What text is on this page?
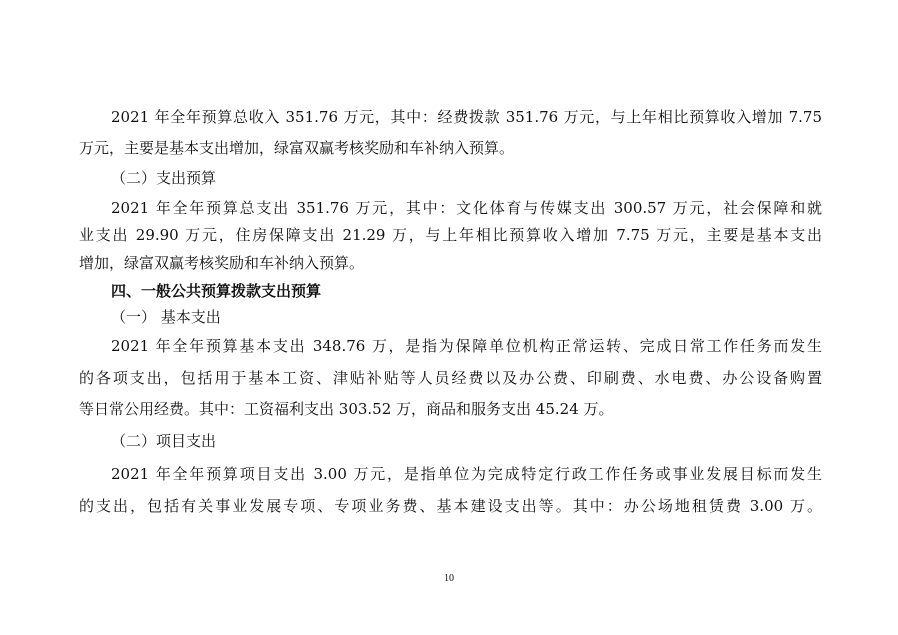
2021 年全年预算总收入 351.76 万元，其中：经费拨款 351.76 万元，与上年相比预算收入增加 7.75
万元，主要是基本支出增加，绿富双赢考核奖励和车补纳入预算。
（二）支出预算
2021 年全年预算总支出 351.76 万元，其中：文化体育与传媒支出 300.57 万元，社会保障和就
业支出 29.90 万元，住房保障支出 21.29 万，与上年相比预算收入增加 7.75 万元，主要是基本支出
增加，绿富双赢考核奖励和车补纳入预算。
四、一般公共预算拨款支出预算
（一） 基本支出
2021 年全年预算基本支出 348.76 万，是指为保障单位机构正常运转、完成日常工作任务而发生
的各项支出，包括用于基本工资、津贴补贴等人员经费以及办公费、印刷费、水电费、办公设备购置
等日常公用经费。其中：工资福利支出 303.52 万，商品和服务支出 45.24 万。
（二）项目支出
2021 年全年预算项目支出 3.00 万元，是指单位为完成特定行政工作任务或事业发展目标而发生
的支出，包括有关事业发展专项、专项业务费、基本建设支出等。其中：办公场地租赁费 3.00 万。
10
